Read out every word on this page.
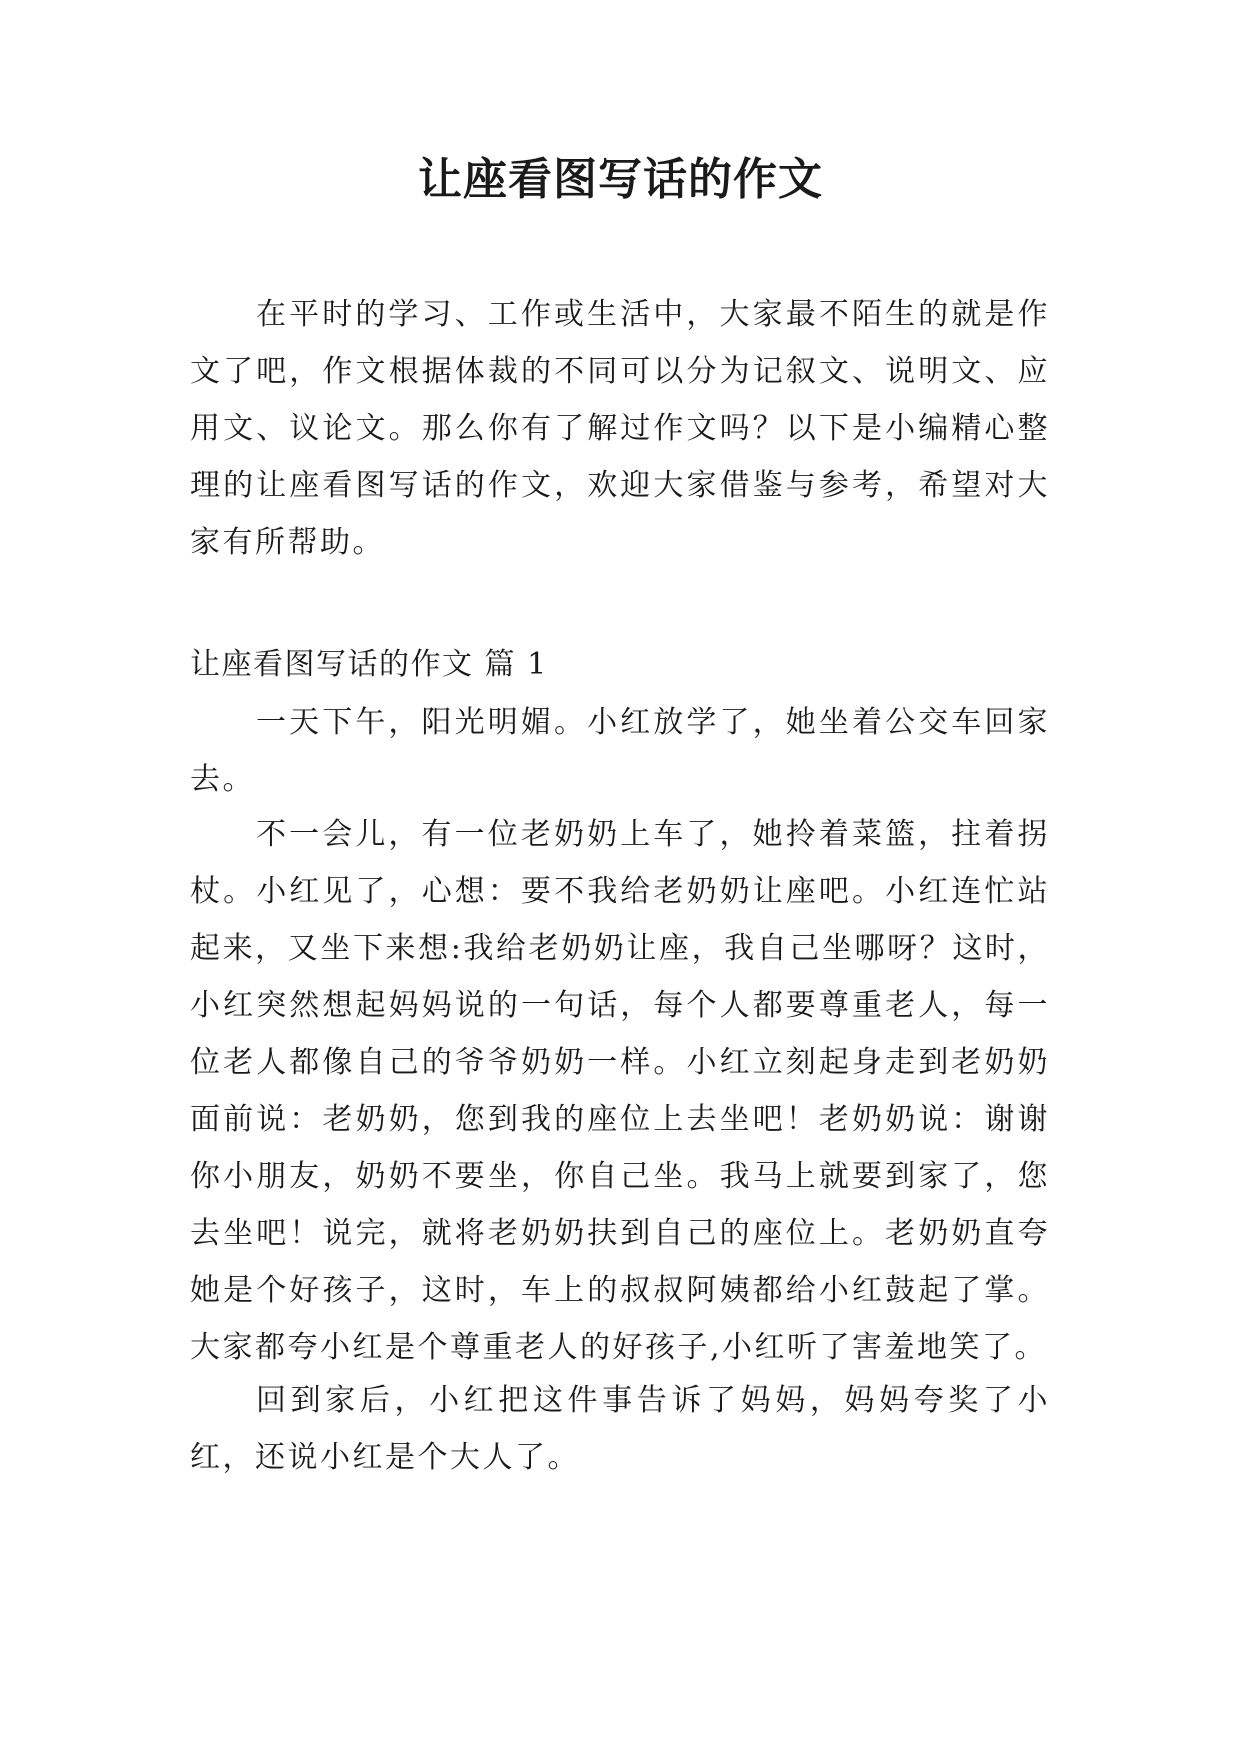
让座看图写话的作文

在平时的学习、工作或生活中，大家最不陌生的就是作文了吧，作文根据体裁的不同可以分为记叙文、说明文、应用文、议论文。那么你有了解过作文吗？以下是小编精心整理的让座看图写话的作文，欢迎大家借鉴与参考，希望对大家有所帮助。

让座看图写话的作文 篇 1

一天下午，阳光明媚。小红放学了，她坐着公交车回家去。

不一会儿，有一位老奶奶上车了，她拎着菜篮，拄着拐杖。小红见了，心想：要不我给老奶奶让座吧。小红连忙站起来，又坐下来想:我给老奶奶让座，我自己坐哪呀？这时，小红突然想起妈妈说的一句话，每个人都要尊重老人，每一位老人都像自己的爷爷奶奶一样。小红立刻起身走到老奶奶面前说：老奶奶，您到我的座位上去坐吧！老奶奶说：谢谢你小朋友，奶奶不要坐，你自己坐。我马上就要到家了，您去坐吧！说完，就将老奶奶扶到自己的座位上。老奶奶直夸她是个好孩子，这时，车上的叔叔阿姨都给小红鼓起了掌。大家都夸小红是个尊重老人的好孩子,小红听了害羞地笑了。

回到家后，小红把这件事告诉了妈妈，妈妈夸奖了小红，还说小红是个大人了。
